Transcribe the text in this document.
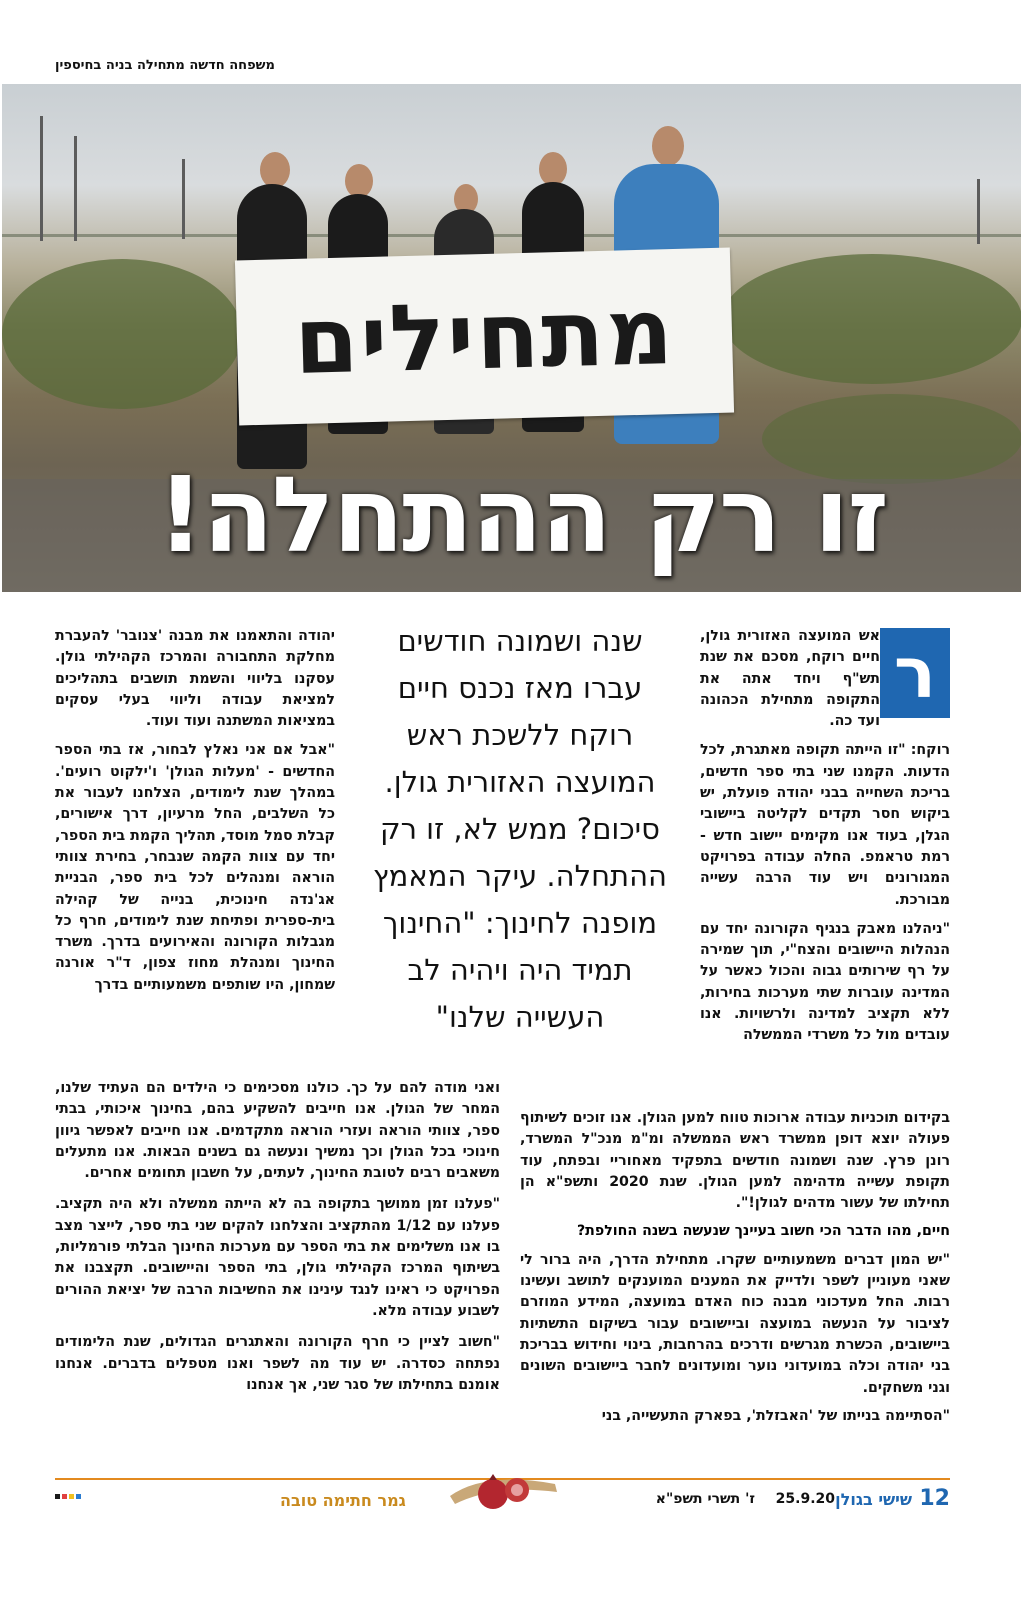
משפחה חדשה מתחילה בניה בחיספין
מתחילים
זו רק ההתחלה!
ר

אש המועצה האזורית גולן, חיים רוקח, מסכם את שנת תש"ף ויחד אתה את התקופה מתחילת הכהונה ועד כה.

רוקח: "זו הייתה תקופה מאתגרת, לכל הדעות. הקמנו שני בתי ספר חדשים, בריכת השחייה בבני יהודה פועלת, יש ביקוש חסר תקדים לקליטה ביישובי הגלן, בעוד אנו מקימים יישוב חדש - רמת טראמפ. החלה עבודה בפרויקט המגורונים ויש עוד הרבה עשייה מבורכת.

"ניהלנו מאבק בנגיף הקורונה יחד עם הנהלות היישובים והצח"י, תוך שמירה על רף שירותים גבוה והכול כאשר על המדינה עוברות שתי מערכות בחירות, ללא תקציב למדינה ולרשויות. אנו עובדים מול כל משרדי הממשלה

שנה ושמונה חודשים עברו מאז נכנס חיים רוקח ללשכת ראש המועצה האזורית גולן. סיכום? ממש לא, זו רק ההתחלה. עיקר המאמץ מופנה לחינוך: "החינוך תמיד היה ויהיה לב העשייה שלנו"

יהודה והתאמנו את מבנה 'צנובר' להעברת מחלקת התחבורה והמרכז הקהילתי גולן. עסקנו בליווי והשמת תושבים בתהליכים למציאת עבודה וליווי בעלי עסקים במציאות המשתנה ועוד ועוד.

"אבל אם אני נאלץ לבחור, אז בתי הספר החדשים - 'מעלות הגולן' ו'ילקוט רועים'. במהלך שנת לימודים, הצלחנו לעבור את כל השלבים, החל מרעיון, דרך אישורים, קבלת סמל מוסד, תהליך הקמת בית הספר, יחד עם צוות הקמה שנבחר, בחירת צוותי הוראה ומנהלים לכל בית ספר, הבניית אג'נדה חינוכית, בנייה של קהילה בית-ספרית ופתיחת שנת לימודים, חרף כל מגבלות הקורונה והאירועים בדרך. משרד החינוך ומנהלת מחוז צפון, ד"ר אורנה שמחון, היו שותפים משמעותיים בדרך

בקידום תוכניות עבודה ארוכות טווח למען הגולן. אנו זוכים לשיתוף פעולה יוצא דופן ממשרד ראש הממשלה ומ"מ מנכ"ל המשרד, רונן פרץ. שנה ושמונה חודשים בתפקיד מאחוריי ובפתח, עוד תקופת עשייה מדהימה למען הגולן. שנת 2020 ותשפ"א הן תחילתו של עשור מדהים לגולן!".

חיים, מהו הדבר הכי חשוב בעיינך שנעשה בשנה החולפת?

"יש המון דברים משמעותיים שקרו. מתחילת הדרך, היה ברור לי שאני מעוניין לשפר ולדייק את המענים המוענקים לתושב ועשינו רבות. החל מעדכוני מבנה כוח האדם במועצה, המידע המוזרם לציבור על הנעשה במועצה וביישובים עבור בשיקום התשתיות ביישובים, הכשרת מגרשים ודרכים בהרחבות, בינוי וחידוש בבריכת בני יהודה וכלה במועדוני נוער ומועדונים לחבר ביישובים השונים וגני משחקים.

"הסתיימה בנייתו של 'האבזלת', בפארק התעשייה, בני

ואני מודה להם על כך. כולנו מסכימים כי הילדים הם העתיד שלנו, המחר של הגולן. אנו חייבים להשקיע בהם, בחינוך איכותי, בבתי ספר, צוותי הוראה ועזרי הוראה מתקדמים. אנו חייבים לאפשר גיוון חינוכי בכל הגולן וכך נמשיך ונעשה גם בשנים הבאות. אנו מתעלים משאבים רבים לטובת החינוך, לעתים, על חשבון תחומים אחרים.

"פעלנו זמן ממושך בתקופה בה לא הייתה ממשלה ולא היה תקציב. פעלנו עם 1/12 מהתקציב והצלחנו להקים שני בתי ספר, לייצר מצב בו אנו משלימים את בתי הספר עם מערכות החינוך הבלתי פורמליות, בשיתוף המרכז הקהילתי גולן, בתי הספר והיישובים. תקצבנו את הפרויקט כי ראינו לנגד עינינו את החשיבות הרבה של יציאת ההורים לשבוע עבודה מלא.

"חשוב לציין כי חרף הקורונה והאתגרים הגדולים, שנת הלימודים נפתחה כסדרה. יש עוד מה לשפר ואנו מטפלים בדברים. אנחנו אומנם בתחילתו של סגר שני, אך אנחנו

12
שישי בגולן
25.9.20
ז' תשרי תשפ"א
גמר חתימה טובה
